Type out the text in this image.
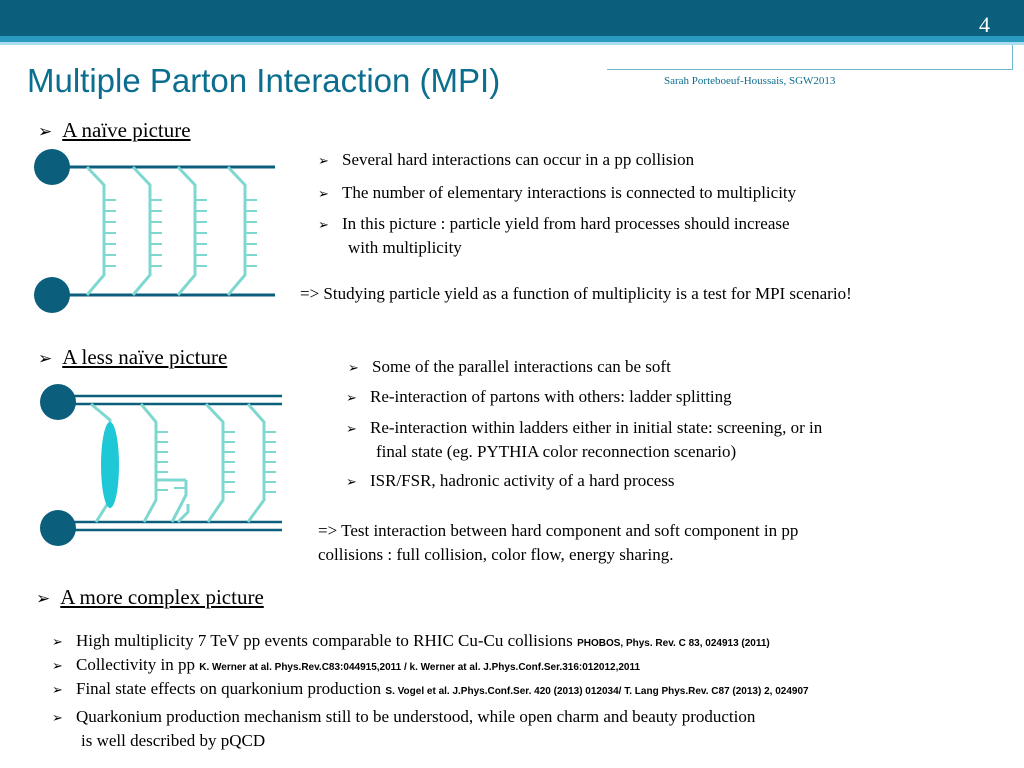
4
Multiple Parton Interaction (MPI)	Sarah Porteboeuf-Houssais, SGW2013
➢ A naïve picture
➢ Several hard interactions can occur in a pp collision
➢ The number of elementary interactions is connected to multiplicity
➢ In this picture : particle yield from hard processes should increase
with multiplicity
=> Studying particle yield as a function of multiplicity is a test for MPI scenario!
➢ A less naïve picture	➢ Some of the parallel interactions can be soft
➢ Re-interaction of partons with others: ladder splitting
➢ Re-interaction within ladders either in initial state: screening, or in
final state (eg. PYTHIA color reconnection scenario)
➢ ISR/FSR, hadronic activity of a hard process
=> Test interaction between hard component and soft component in pp
collisions : full collision, color flow, energy sharing.
➢ A more complex picture
➢ High multiplicity 7 TeV pp events comparable to RHIC Cu-Cu collisions PHOBOS, Phys. Rev. C 83, 024913 (2011)
➢ Collectivity in pp K. Werner at al. Phys.Rev.C83:044915,2011 / k. Werner at al. J.Phys.Conf.Ser.316:012012,2011
➢ Final state effects on quarkonium production S. Vogel et al. J.Phys.Conf.Ser. 420 (2013) 012034/ T. Lang Phys.Rev. C87 (2013) 2, 024907
➢ Quarkonium production mechanism still to be understood, while open charm and beauty production
is well described by pQCD
